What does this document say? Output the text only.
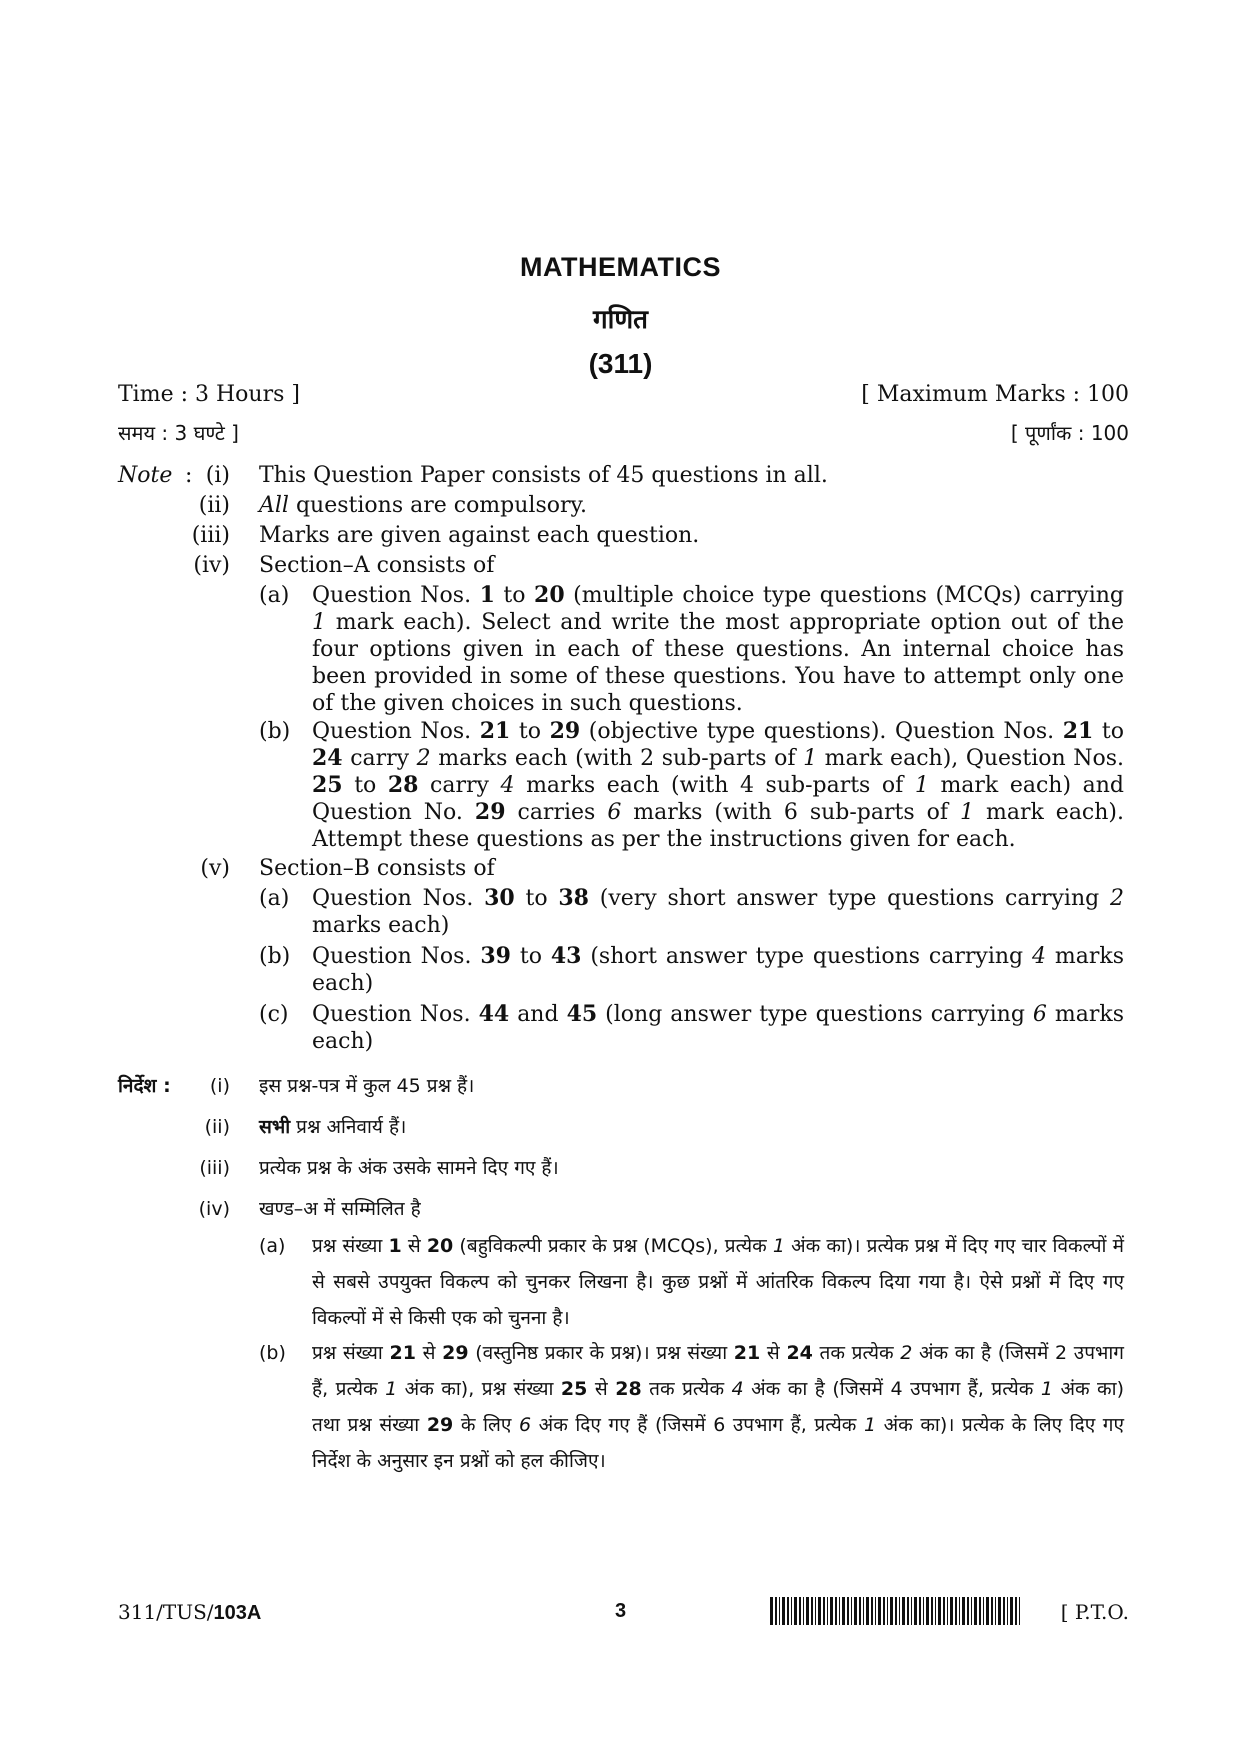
MATHEMATICS
गणित
(311)
Time : 3 Hours ]	[ Maximum Marks : 100
समय : 3 घण्टे ]	[ पूर्णांक : 100
Note : (i) This Question Paper consists of 45 questions in all.
(ii) All questions are compulsory.
(iii) Marks are given against each question.
(iv) Section–A consists of
(a) Question Nos. 1 to 20 (multiple choice type questions (MCQs) carrying 1 mark each). Select and write the most appropriate option out of the four options given in each of these questions. An internal choice has been provided in some of these questions. You have to attempt only one of the given choices in such questions.
(b) Question Nos. 21 to 29 (objective type questions). Question Nos. 21 to 24 carry 2 marks each (with 2 sub-parts of 1 mark each), Question Nos. 25 to 28 carry 4 marks each (with 4 sub-parts of 1 mark each) and Question No. 29 carries 6 marks (with 6 sub-parts of 1 mark each). Attempt these questions as per the instructions given for each.
(v) Section–B consists of
(a) Question Nos. 30 to 38 (very short answer type questions carrying 2 marks each)
(b) Question Nos. 39 to 43 (short answer type questions carrying 4 marks each)
(c) Question Nos. 44 and 45 (long answer type questions carrying 6 marks each)
निर्देश :	(i) इस प्रश्न-पत्र में कुल 45 प्रश्न हैं।
(ii) सभी प्रश्न अनिवार्य हैं।
(iii) प्रत्येक प्रश्न के अंक उसके सामने दिए गए हैं।
(iv) खण्ड–अ में सम्मिलित है
(a) प्रश्न संख्या 1 से 20 (बहुविकल्पी प्रकार के प्रश्न (MCQs), प्रत्येक 1 अंक का)। प्रत्येक प्रश्न में दिए गए चार विकल्पों में से सबसे उपयुक्त विकल्प को चुनकर लिखना है। कुछ प्रश्नों में आंतरिक विकल्प दिया गया है। ऐसे प्रश्नों में दिए गए विकल्पों में से किसी एक को चुनना है।
(b) प्रश्न संख्या 21 से 29 (वस्तुनिष्ठ प्रकार के प्रश्न)। प्रश्न संख्या 21 से 24 तक प्रत्येक 2 अंक का है (जिसमें 2 उपभाग हैं, प्रत्येक 1 अंक का), प्रश्न संख्या 25 से 28 तक प्रत्येक 4 अंक का है (जिसमें 4 उपभाग हैं, प्रत्येक 1 अंक का) तथा प्रश्न संख्या 29 के लिए 6 अंक दिए गए हैं (जिसमें 6 उपभाग हैं, प्रत्येक 1 अंक का)। प्रत्येक के लिए दिए गए निर्देश के अनुसार इन प्रश्नों को हल कीजिए।
311/TUS/103A	3	[ P.T.O.
